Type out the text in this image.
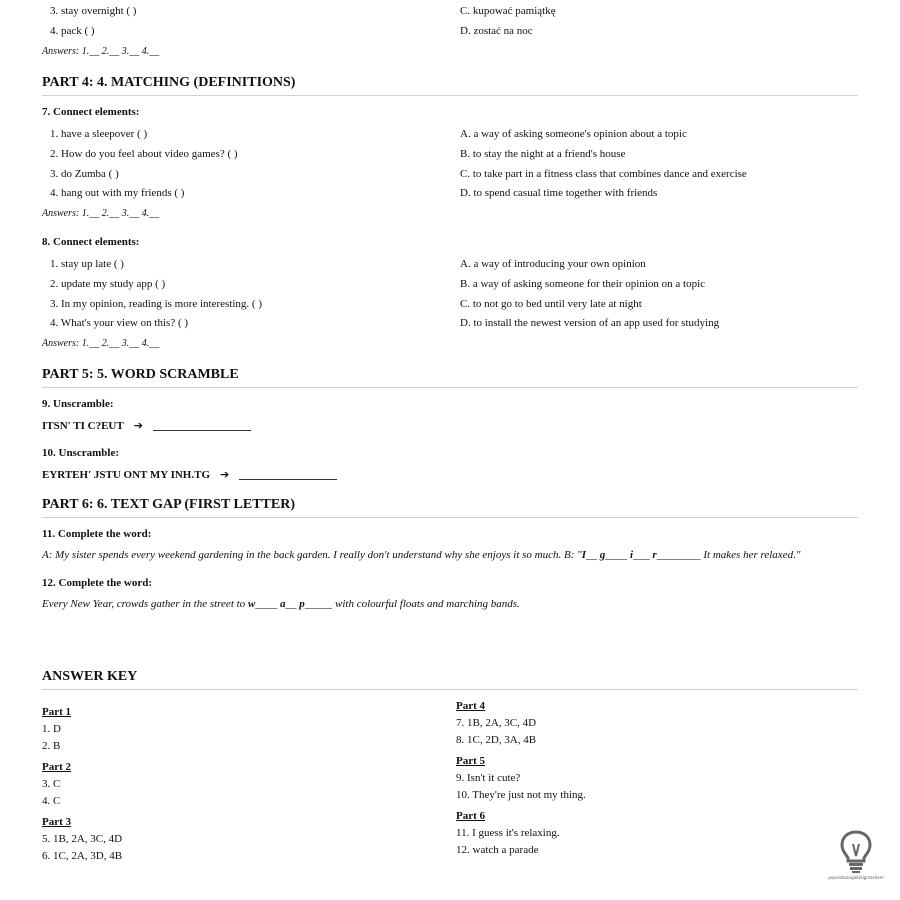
3. stay overnight ( )	C. kupować pamiątkę
4. pack ( )	D. zostać na noc
Answers: 1.__ 2.__ 3.__ 4.__
PART 4: 4. MATCHING (DEFINITIONS)
7. Connect elements:
1. have a sleepover ( )	A. a way of asking someone's opinion about a topic
2. How do you feel about video games? ( )	B. to stay the night at a friend's house
3. do Zumba ( )	C. to take part in a fitness class that combines dance and exercise
4. hang out with my friends ( )	D. to spend casual time together with friends
Answers: 1.__ 2.__ 3.__ 4.__
8. Connect elements:
1. stay up late ( )	A. a way of introducing your own opinion
2. update my study app ( )	B. a way of asking someone for their opinion on a topic
3. In my opinion, reading is more interesting. ( )	C. to not go to bed until very late at night
4. What's your view on this? ( )	D. to install the newest version of an app used for studying
Answers: 1.__ 2.__ 3.__ 4.__
PART 5: 5. WORD SCRAMBLE
9. Unscramble:
ITSN' TI C?EUT ➔
10. Unscramble:
EYRTEH' JSTU ONT MY INH.TG ➔
PART 6: 6. TEXT GAP (FIRST LETTER)
11. Complete the word:
A: My sister spends every weekend gardening in the back garden. I really don't understand why she enjoys it so much. B: "I__ g____ i___ r________ It makes her relaxed."
12. Complete the word:
Every New Year, crowds gather in the street to w____ a__ p_____ with colourful floats and marching bands.
ANSWER KEY
Part 1
1. D
2. B
Part 2
3. C
4. C
Part 3
5. 1B, 2A, 3C, 4D
6. 1C, 2A, 3D, 4B
Part 4
7. 1B, 2A, 3C, 4D
8. 1C, 2D, 3A, 4B
Part 5
9. Isn't it cute?
10. They're just not my thing.
Part 6
11. I guess it's relaxing.
12. watch a parade
poprostuangielskigrzechem
